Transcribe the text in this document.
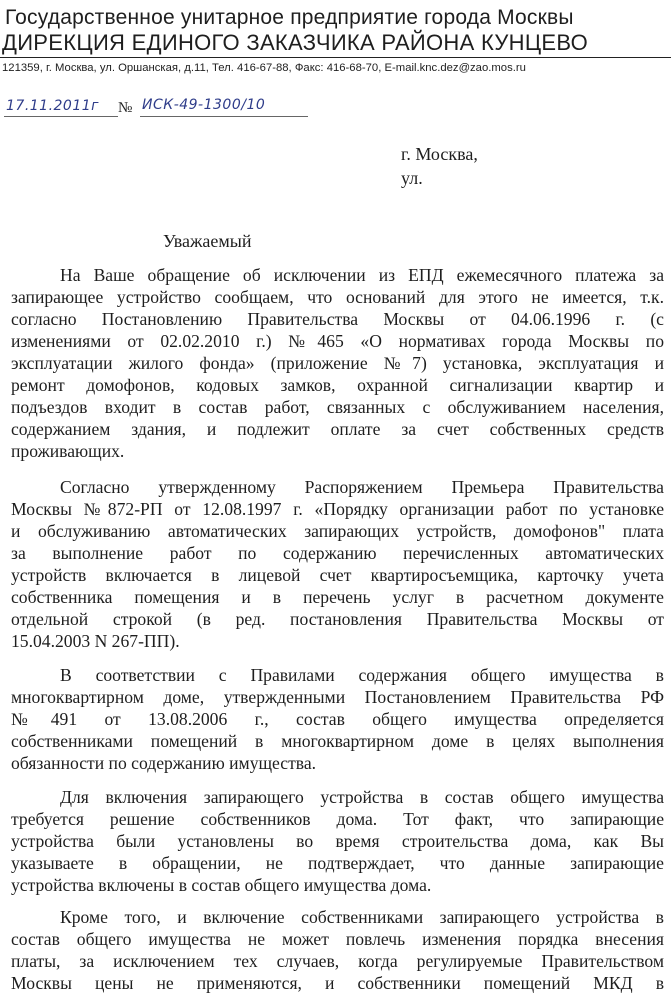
Государственное унитарное предприятие города Москвы
ДИРЕКЦИЯ ЕДИНОГО ЗАКАЗЧИКА РАЙОНА КУНЦЕВО
121359, г. Москва, ул. Оршанская, д.11, Тел. 416-67-88, Факс: 416-68-70, E-mail.knc.dez@zao.mos.ru
17.11.2011г № ИСК-49-1300/10
г. Москва,
ул.
Уважаемый
На Ваше обращение об исключении из ЕПД ежемесячного платежа за
запирающее устройство сообщаем, что оснований для этого не имеется, т.к.
согласно Постановлению Правительства Москвы от 04.06.1996 г. (с
изменениями от 02.02.2010 г.) №465 «О нормативах города Москвы по
эксплуатации жилого фонда» (приложение №7) установка, эксплуатация и
ремонт домофонов, кодовых замков, охранной сигнализации квартир и
подъездов входит в состав работ, связанных с обслуживанием населения,
содержанием здания, и подлежит оплате за счет собственных средств
проживающих.
Согласно утвержденному Распоряжением Премьера Правительства
Москвы №872-РП от 12.08.1997 г. «Порядку организации работ по установке
и обслуживанию автоматических запирающих устройств, домофонов" плата
за выполнение работ по содержанию перечисленных автоматических
устройств включается в лицевой счет квартиросъемщика, карточку учета
собственника помещения и в перечень услуг в расчетном документе
отдельной строкой (в ред. постановления Правительства Москвы от
15.04.2003 N 267-ПП).
В соответствии с Правилами содержания общего имущества в
многоквартирном доме, утвержденными Постановлением Правительства РФ
№491 от 13.08.2006 г., состав общего имущества определяется
собственниками помещений в многоквартирном доме в целях выполнения
обязанности по содержанию имущества.
Для включения запирающего устройства в состав общего имущества
требуется решение собственников дома. Тот факт, что запирающие
устройства были установлены во время строительства дома, как Вы
указываете в обращении, не подтверждает, что данные запирающие
устройства включены в состав общего имущества дома.
Кроме того, и включение собственниками запирающего устройства в
состав общего имущества не может повлечь изменения порядка внесения
платы, за исключением тех случаев, когда регулируемые Правительством
Москвы цены не применяются, и собственники помещений МКД в
